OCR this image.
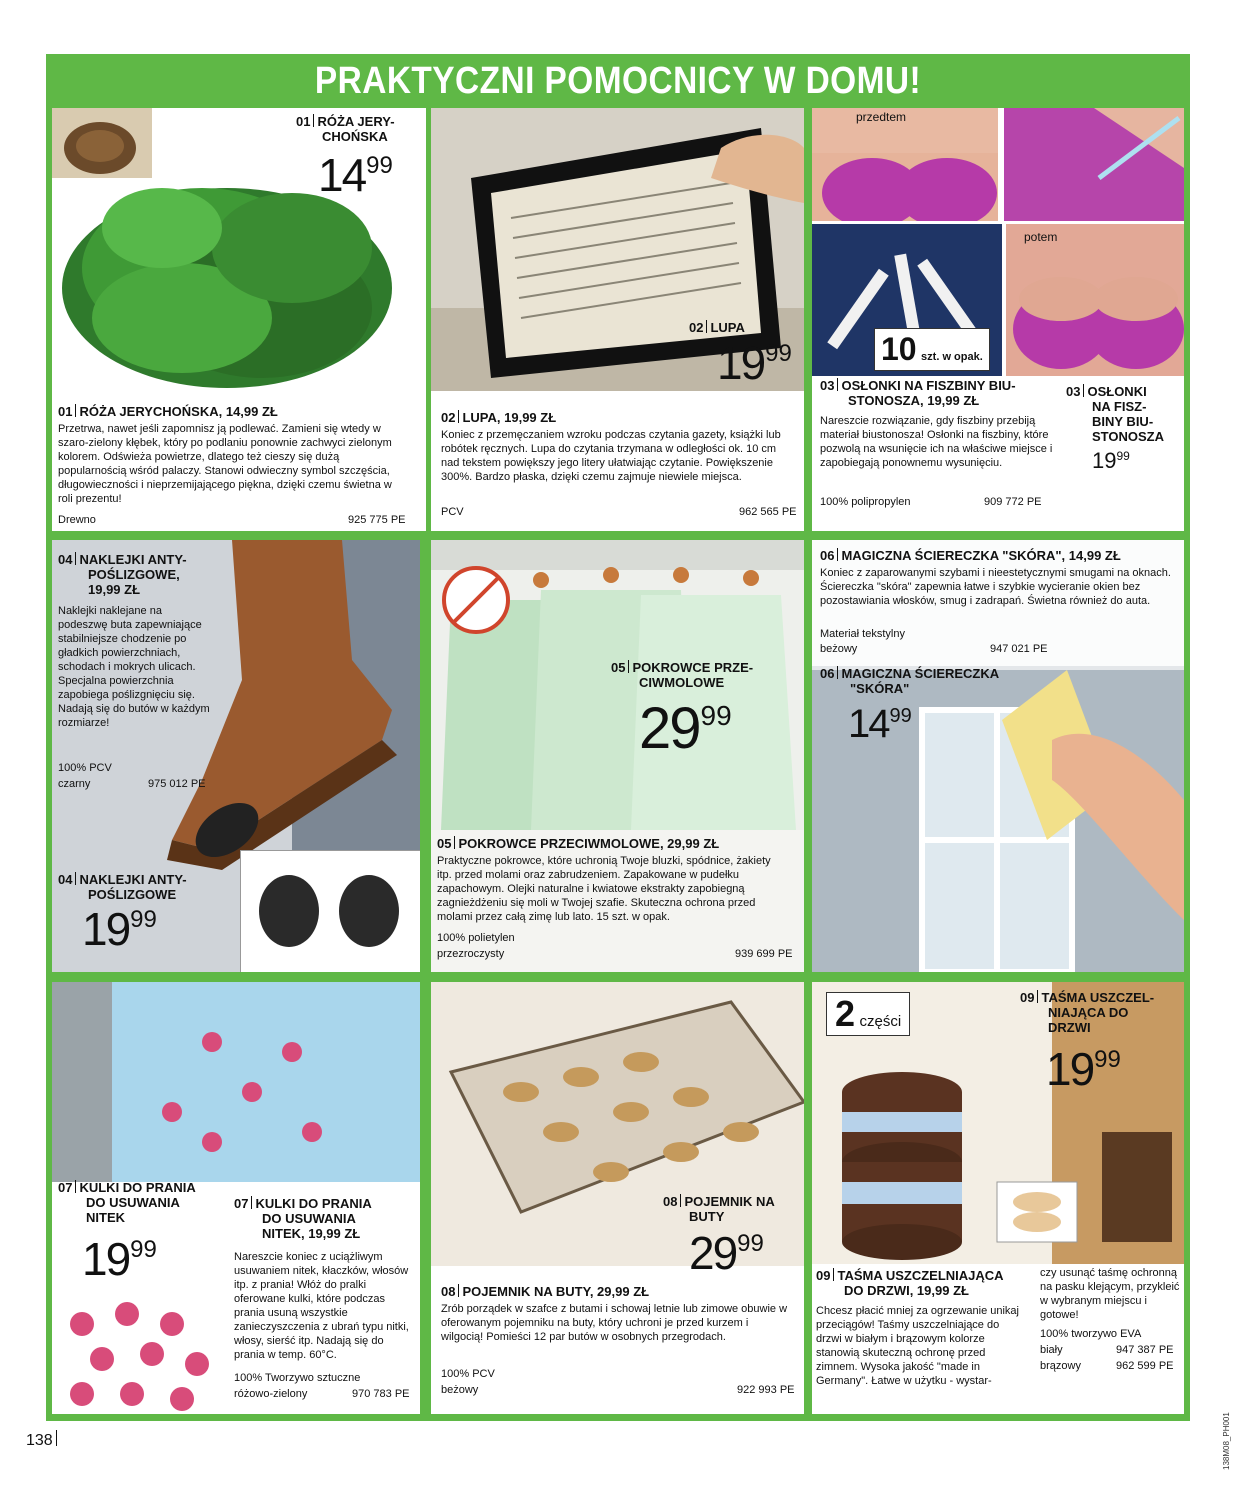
PRAKTYCZNI POMOCNICY W DOMU!
01 RÓŻA JERY-
CHOŃSKA
1499
01 RÓŻA JERYCHOŃSKA, 14,99 ZŁ
Przetrwa, nawet jeśli zapomnisz ją podlewać. Zamieni się wtedy w szaro-zielony kłębek, który po podlaniu ponownie zachwyci zielonym kolorem. Odświeża powietrze, dlatego też cieszy się dużą popularnością wśród palaczy. Stanowi odwieczny symbol szczęścia, długowieczności i nieprzemijającego piękna, dzięki czemu świetna w roli prezentu!
Drewno	925 775 PE
02 LUPA
1999
02 LUPA, 19,99 ZŁ
Koniec z przemęczaniem wzroku podczas czytania gazety, książki lub robótek ręcznych. Lupa do czytania trzymana w odległości ok. 10 cm nad tekstem powiększy jego litery ułatwiając czytanie. Powiększenie 300%. Bardzo płaska, dzięki czemu zajmuje niewiele miejsca.
PCV	962 565 PE
przedtem
10 szt. w opak.
potem
03 OSŁONKI NA FISZBINY BIU-
STONOSZA, 19,99 ZŁ
Nareszcie rozwiązanie, gdy fiszbiny przebiją materiał biustonosza! Osłonki na fiszbiny, które pozwolą na wsunięcie ich na właściwe miejsce i zapobiegają ponownemu wysunięciu.
100% polipropylen	909 772 PE
03 OSŁONKI
NA FISZ-
BINY BIU-
STONOSZA
$19^{99}$
04 NAKLEJKI ANTY-
POŚLIZGOWE,
19,99 ZŁ
Naklejki naklejane na podeszwę buta zapewniające stabilniejsze chodzenie po gładkich powierzchniach, schodach i mokrych ulicach. Specjalna powierzchnia zapobiega poślizgnięciu się. Nadają się do butów w każdym rozmiarze!
100% PCV
czarny	975 012 PE
04 NAKLEJKI ANTY-
POŚLIZGOWE
1999
05 POKROWCE PRZE-
CIWMOLOWE
2999
05 POKROWCE PRZECIWMOLOWE, 29,99 ZŁ
Praktyczne pokrowce, które uchronią Twoje bluzki, spódnice, żakiety itp. przed molami oraz zabrudzeniem. Zapakowane w pudełku zapachowym. Olejki naturalne i kwiatowe ekstrakty zapobiegną zagnieżdżeniu się moli w Twojej szafie. Skuteczna ochrona przed molami przez całą zimę lub lato. 15 szt. w opak.
100% polietylen
przezroczysty	939 699 PE
06 MAGICZNA ŚCIERECZKA "SKÓRA", 14,99 ZŁ
Koniec z zaparowanymi szybami i nieestetycznymi smugami na oknach. Ściereczka "skóra" zapewnia łatwe i szybkie wycieranie okien bez pozostawiania włosków, smug i zadrapań. Świetna również do auta.
Materiał tekstylny
beżowy	947 021 PE
06 MAGICZNA ŚCIERECZKA
"SKÓRA"
1499
07 KULKI DO PRANIA
DO USUWANIA
NITEK
1999
07 KULKI DO PRANIA
DO USUWANIA
NITEK, 19,99 ZŁ
Nareszcie koniec z uciążliwym usuwaniem nitek, kłaczków, włosów itp. z prania! Włóż do pralki oferowane kulki, które podczas prania usuną wszystkie zanieczyszczenia z ubrań typu nitki, włosy, sierść itp. Nadają się do prania w temp. 60°C.
100% Tworzywo sztuczne
różowo-zielony	970 783 PE
08 POJEMNIK NA
BUTY
2999
08 POJEMNIK NA BUTY, 29,99 ZŁ
Zrób porządek w szafce z butami i schowaj letnie lub zimowe obuwie w oferowanym pojemniku na buty, który uchroni je przed kurzem i wilgocią! Pomieści 12 par butów w osobnych przegrodach.
100% PCV
beżowy	922 993 PE
2 części
09 TAŚMA USZCZEL-
NIAJĄCA DO
DRZWI
1999
09 TAŚMA USZCZELNIAJĄCA
DO DRZWI, 19,99 ZŁ
Chcesz płacić mniej za ogrzewanie unikaj przeciągów! Taśmy uszczelniające do drzwi w białym i brązowym kolorze stanowią skuteczną ochronę przed zimnem. Wysoka jakość "made in Germany". Łatwe w użytku - wystar-
czy usunąć taśmę ochronną na pasku klejącym, przykleić w wybranym miejscu i gotowe!
100% tworzywo EVA
biały	947 387 PE
brązowy	962 599 PE
138	138M08_PH001
